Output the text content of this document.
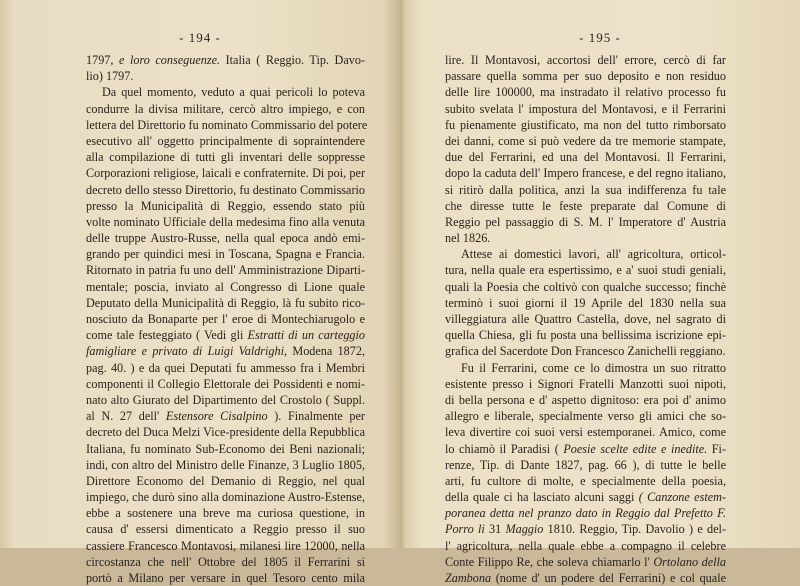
- 194 -
1797, e loro conseguenze. Italia ( Reggio. Tip. Davo-
lio) 1797.
Da quel momento, veduto a quai pericoli lo poteva
condurre la divisa militare, cercò altro impiego, e con
lettera del Direttorio fu nominato Commissario del potere
esecutivo all' oggetto principalmente di sopraintendere
alla compilazione di tutti gli inventari delle soppresse
Corporazioni religiose, laicali e confraternite. Di poi, per
decreto dello stesso Direttorio, fu destinato Commissario
presso la Municipalità di Reggio, essendo stato più
volte nominato Ufficiale della medesima fino alla venuta
delle truppe Austro-Russe, nella qual epoca andò emi-
grando per quindici mesi in Toscana, Spagna e Francia.
Ritornato in patria fu uno dell' Amministrazione Diparti-
mentale; poscia, inviato al Congresso di Lione quale
Deputato della Municipalità di Reggio, là fu subito rico-
nosciuto da Bonaparte per l' eroe di Montechiarugolo e
come tale festeggiato ( Vedi gli Estratti di un carteggio
famigliare e privato di Luigi Valdrighi, Modena 1872,
pag. 40. ) e da quei Deputati fu ammesso fra i Membri
componenti il Collegio Elettorale dei Possidenti e nomi-
nato alto Giurato del Dipartimento del Crostolo ( Suppl.
al N. 27 dell' Estensore Cisalpino ). Finalmente per
decreto del Duca Melzi Vice-presidente della Repubblica
Italiana, fu nominato Sub-Economo dei Beni nazionali;
indi, con altro del Ministro delle Finanze, 3 Luglio 1805,
Direttore Economo del Demanio di Reggio, nel qual
impiego, che durò sino alla dominazione Austro-Estense,
ebbe a sostenere una breve ma curiosa questione, in
causa d' essersi dimenticato a Reggio presso il suo
cassiere Francesco Montavosi, milanesi lire 12000, nella
circostanza che nell' Ottobre del 1805 il Ferrarini si
portò a Milano per versare in quel Tesoro cento mila
- 195 -
lire. Il Montavosi, accortosi dell' errore, cercò di far
passare quella somma per suo deposito e non residuo
delle lire 100000, ma instradato il relativo processo fu
subito svelata l' impostura del Montavosi, e il Ferrarini
fu pienamente giustificato, ma non del tutto rimborsato
dei danni, come si può vedere da tre memorie stampate,
due del Ferrarini, ed una del Montavosi. Il Ferrarini,
dopo la caduta dell' Impero francese, e del regno italiano,
si ritirò dalla politica, anzi la sua indifferenza fu tale
che diresse tutte le feste preparate dal Comune di
Reggio pel passaggio di S. M. l' Imperatore d' Austria
nel 1826.
Attese ai domestici lavori, all' agricoltura, orticol-
tura, nella quale era espertissimo, e a' suoi studi geniali,
quali la Poesia che coltivò con qualche successo; finchè
terminò i suoi giorni il 19 Aprile del 1830 nella sua
villeggiatura alle Quattro Castella, dove, nel sagrato di
quella Chiesa, gli fu posta una bellissima iscrizione epi-
grafica del Sacerdote Don Francesco Zanichelli reggiano.
Fu il Ferrarini, come ce lo dimostra un suo ritratto
esistente presso i Signori Fratelli Manzotti suoi nipoti,
di bella persona e d' aspetto dignitoso: era poi d' animo
allegro e liberale, specialmente verso gli amici che so-
leva divertire coi suoi versi estemporanei. Amico, come
lo chiamò il Paradisi ( Poesie scelte edite e inedite. Fi-
renze, Tip. di Dante 1827, pag. 66 ), di tutte le belle
arti, fu cultore di molte, e specialmente della poesia,
della quale ci ha lasciato alcuni saggi ( Canzone estem-
poranea detta nel pranzo dato in Reggio dal Prefetto F.
Porro li 31 Maggio 1810. Reggio, Tip. Davolio ) e del-
l' agricoltura, nella quale ebbe a compagno il celebre
Conte Filippo Re, che soleva chiamarlo l' Ortolano della
Zambona (nome d' un podere del Ferrarini) e col quale
